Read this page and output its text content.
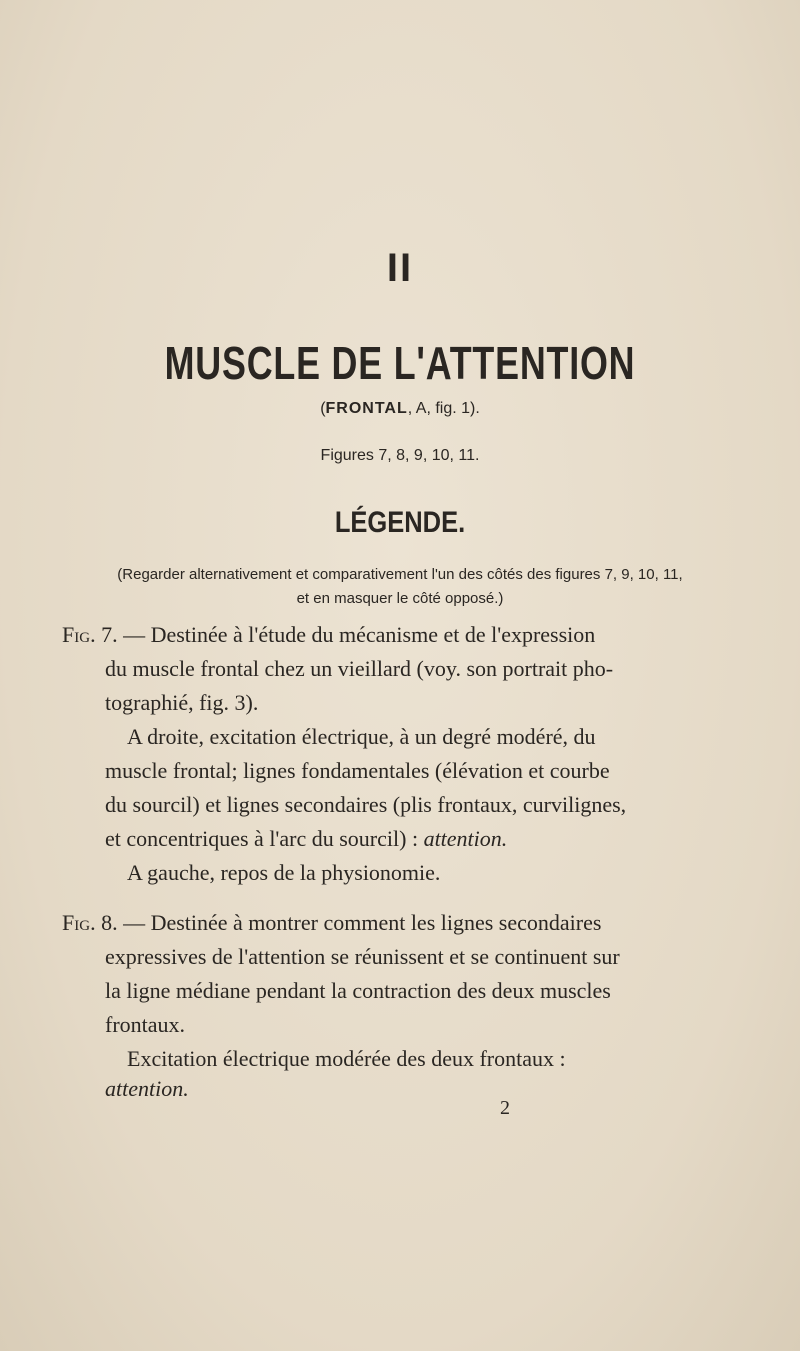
II
MUSCLE DE L'ATTENTION
(FRONTAL, A, fig. 1).
Figures 7, 8, 9, 10, 11.
LÉGENDE.
(Regarder alternativement et comparativement l'un des côtés des figures 7, 9, 10, 11,
et en masquer le côté opposé.)
Fig. 7. — Destinée à l'étude du mécanisme et de l'expression
du muscle frontal chez un vieillard (voy. son portrait pho-
tographié, fig. 3).
A droite, excitation électrique, à un degré modéré, du
muscle frontal; lignes fondamentales (élévation et courbe
du sourcil) et lignes secondaires (plis frontaux, curvilignes,
et concentriques à l'arc du sourcil) : attention.
A gauche, repos de la physionomie.
Fig. 8. — Destinée à montrer comment les lignes secondaires
expressives de l'attention se réunissent et se continuent sur
la ligne médiane pendant la contraction des deux muscles
frontaux.
Excitation électrique modérée des deux frontaux :
attention.
2
